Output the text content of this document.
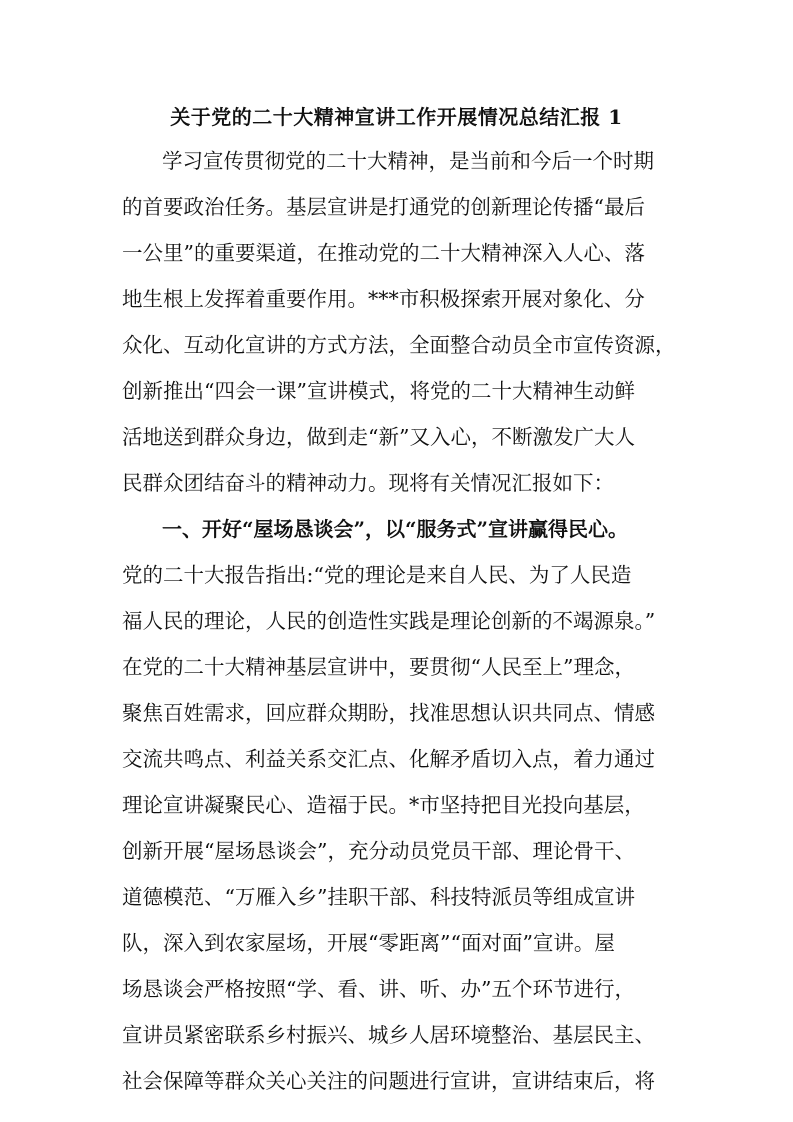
关于党的二十大精神宣讲工作开展情况总结汇报 1
学习宣传贯彻党的二十大精神，是当前和今后一个时期
的首要政治任务。基层宣讲是打通党的创新理论传播“最后
一公里”的重要渠道，在推动党的二十大精神深入人心、落
地生根上发挥着重要作用。***市积极探索开展对象化、分
众化、互动化宣讲的方式方法，全面整合动员全市宣传资源，
创新推出“四会一课”宣讲模式，将党的二十大精神生动鲜
活地送到群众身边，做到走“新”又入心，不断激发广大人
民群众团结奋斗的精神动力。现将有关情况汇报如下：
一、开好“屋场恳谈会”，以“服务式”宣讲赢得民心。
党的二十大报告指出:“党的理论是来自人民、为了人民造
福人民的理论，人民的创造性实践是理论创新的不竭源泉。”
在党的二十大精神基层宣讲中，要贯彻“人民至上”理念，
聚焦百姓需求，回应群众期盼，找准思想认识共同点、情感
交流共鸣点、利益关系交汇点、化解矛盾切入点，着力通过
理论宣讲凝聚民心、造福于民。*市坚持把目光投向基层，
创新开展“屋场恳谈会”，充分动员党员干部、理论骨干、
道德模范、“万雁入乡”挂职干部、科技特派员等组成宣讲
队，深入到农家屋场，开展“零距离”“面对面”宣讲。屋
场恳谈会严格按照“学、看、讲、听、办”五个环节进行，
宣讲员紧密联系乡村振兴、城乡人居环境整治、基层民主、
社会保障等群众关心关注的问题进行宣讲，宣讲结束后，将
